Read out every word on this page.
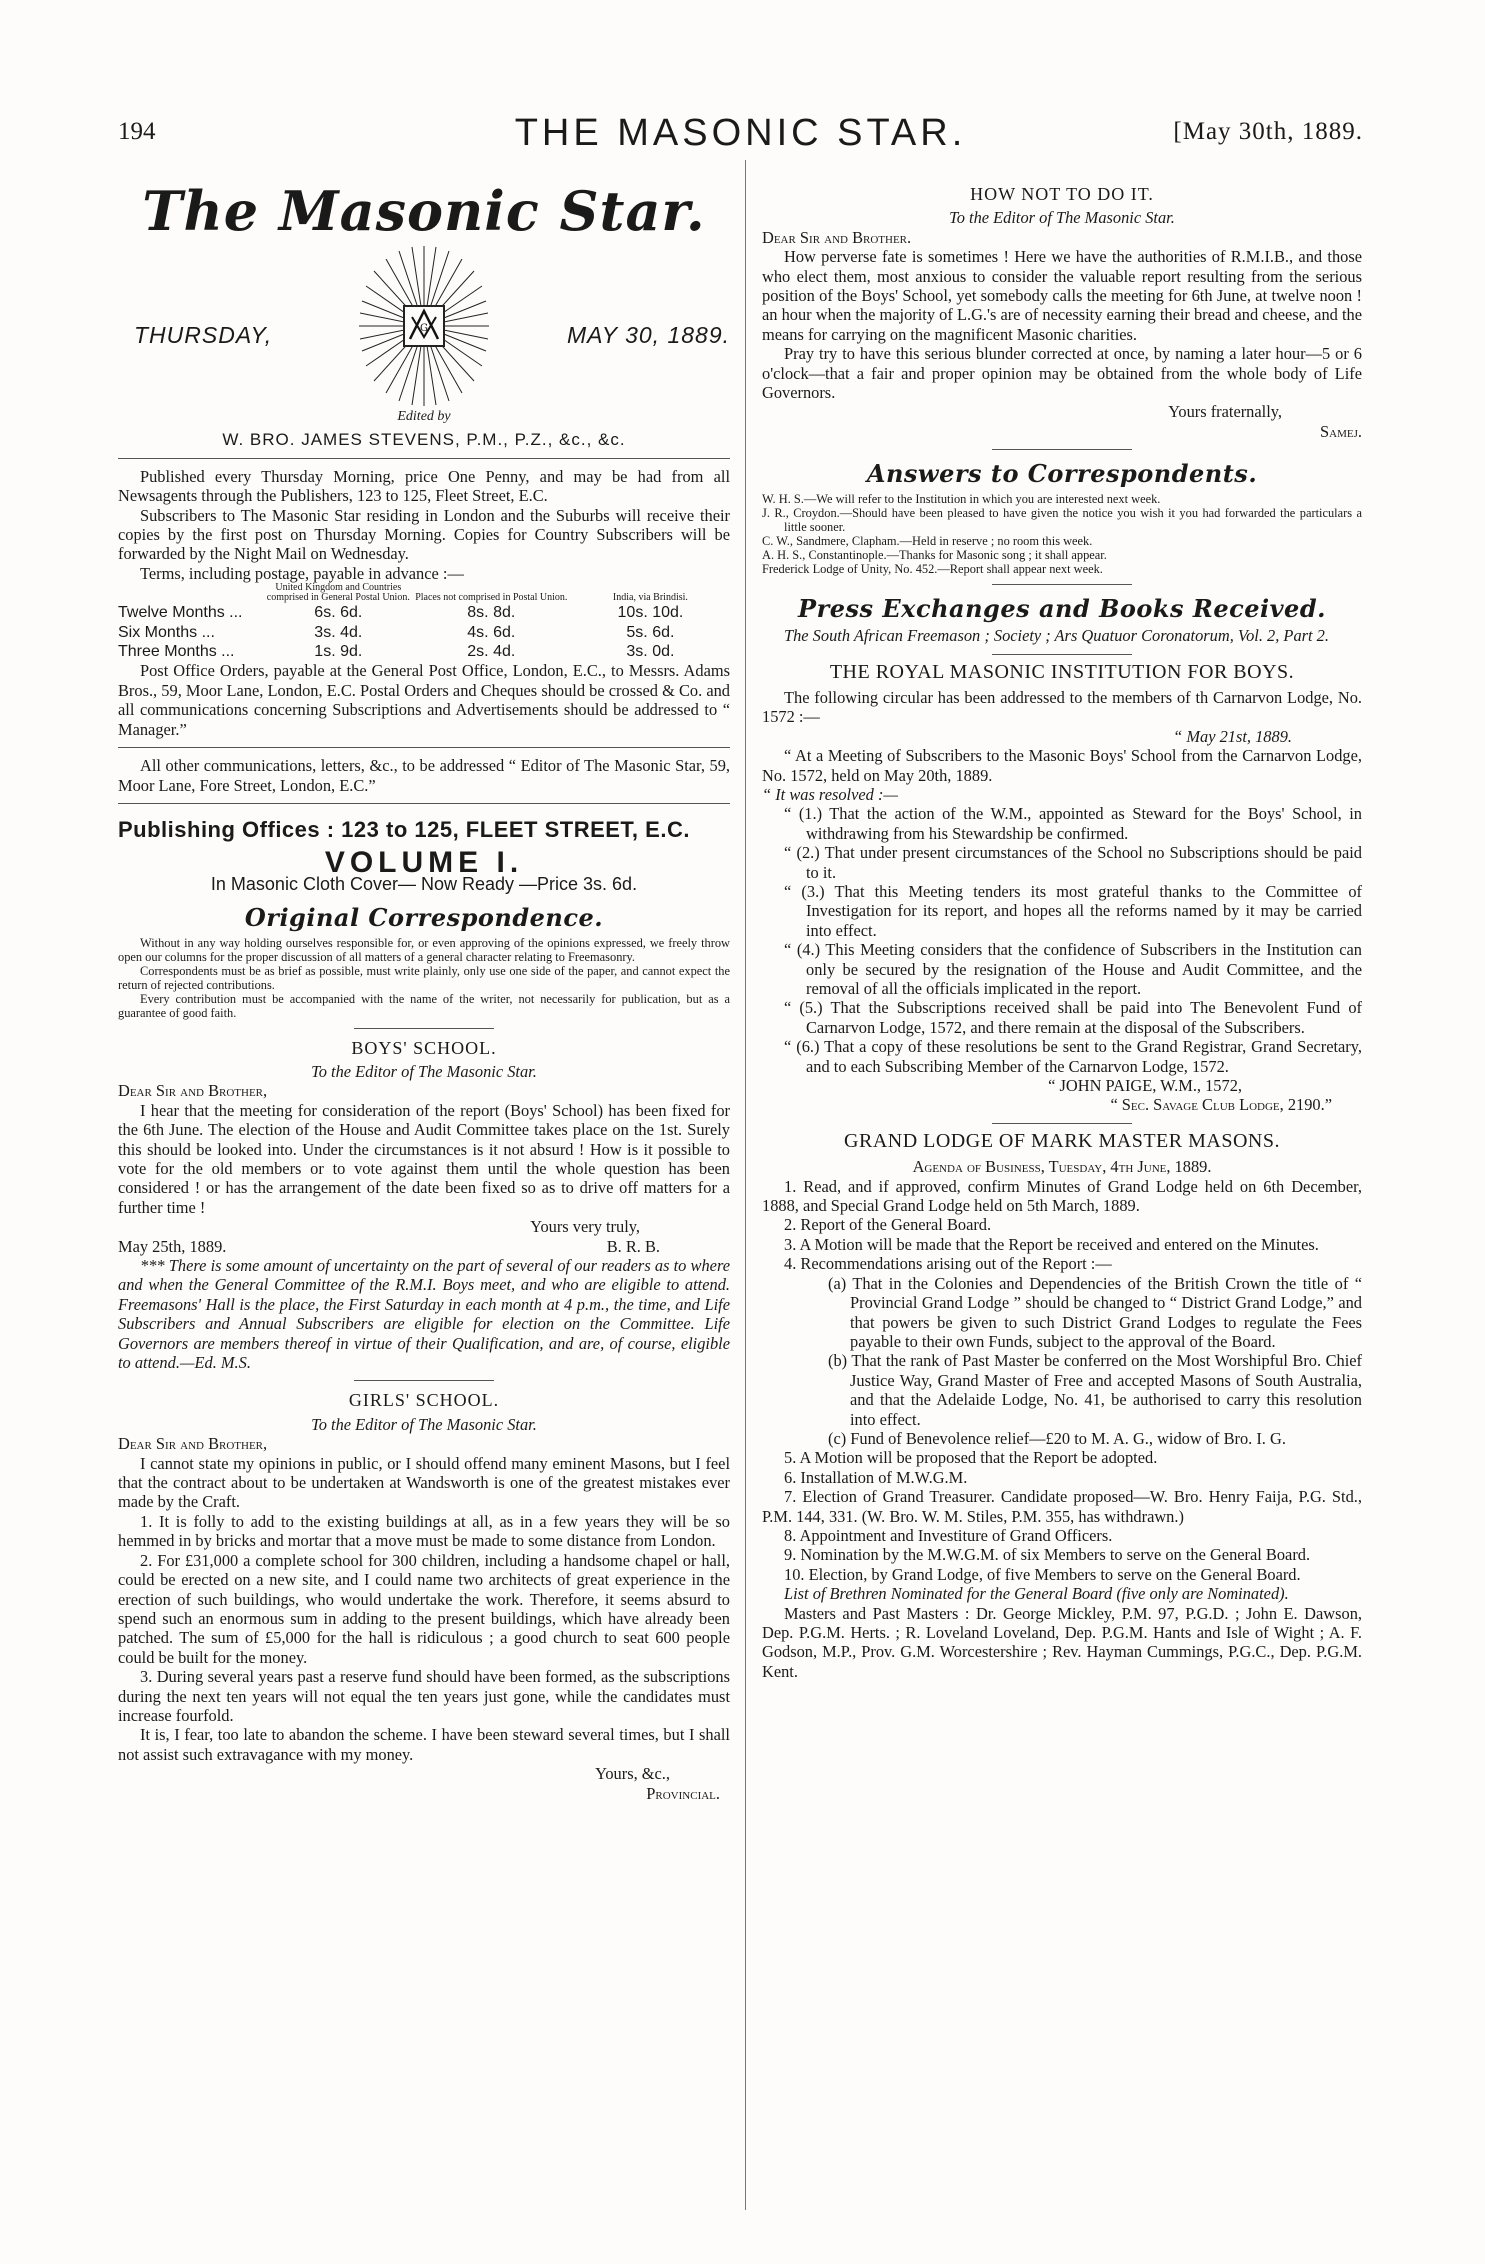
194	THE MASONIC STAR.	[May 30th, 1889.
The Masonic Star.
THURSDAY,	G	MAY 30, 1889.
Edited by
W. BRO. JAMES STEVENS, P.M., P.Z., &c., &c.

Published every Thursday Morning, price One Penny, and may be had from all Newsagents through the Publishers, 123 to 125, Fleet Street, E.C.

Subscribers to The Masonic Star residing in London and the Suburbs will receive their copies by the first post on Thursday Morning. Copies for Country Subscribers will be forwarded by the Night Mail on Wednesday.

Terms, including postage, payable in advance :—

	United Kingdom and Countries comprised in General Postal Union.	Places not comprised in Postal Union.	India, via Brindisi.
Twelve Months ...	6s. 6d.	8s. 8d.	10s. 10d.
Six Months ...	3s. 4d.	4s. 6d.	5s. 6d.
Three Months ...	1s. 9d.	2s. 4d.	3s. 0d.

Post Office Orders, payable at the General Post Office, London, E.C., to Messrs. Adams Bros., 59, Moor Lane, London, E.C. Postal Orders and Cheques should be crossed & Co. and all communications concerning Subscriptions and Advertisements should be addressed to “ Manager.”

All other communications, letters, &c., to be addressed “ Editor of The Masonic Star, 59, Moor Lane, Fore Street, London, E.C.”

Publishing Offices : 123 to 125, FLEET STREET, E.C.
VOLUME I.
In Masonic Cloth Cover— Now Ready —Price 3s. 6d.
Original Correspondence.

Without in any way holding ourselves responsible for, or even approving of the opinions expressed, we freely throw open our columns for the proper discussion of all matters of a general character relating to Freemasonry.

Correspondents must be as brief as possible, must write plainly, only use one side of the paper, and cannot expect the return of rejected contributions.

Every contribution must be accompanied with the name of the writer, not necessarily for publication, but as a guarantee of good faith.

BOYS' SCHOOL.

To the Editor of The Masonic Star.

Dear Sir and Brother,

I hear that the meeting for consideration of the report (Boys' School) has been fixed for the 6th June. The election of the House and Audit Committee takes place on the 1st. Surely this should be looked into. Under the circumstances is it not absurd ! How is it possible to vote for the old members or to vote against them until the whole question has been considered ! or has the arrangement of the date been fixed so as to drive off matters for a further time !

Yours very truly,

May 25th, 1889.	B. R. B.

*** There is some amount of uncertainty on the part of several of our readers as to where and when the General Committee of the R.M.I. Boys meet, and who are eligible to attend. Freemasons' Hall is the place, the First Saturday in each month at 4 p.m., the time, and Life Subscribers and Annual Subscribers are eligible for election on the Committee. Life Governors are members thereof in virtue of their Qualification, and are, of course, eligible to attend.—Ed. M.S.

GIRLS' SCHOOL.

To the Editor of The Masonic Star.

Dear Sir and Brother,

I cannot state my opinions in public, or I should offend many eminent Masons, but I feel that the contract about to be undertaken at Wandsworth is one of the greatest mistakes ever made by the Craft.

1. It is folly to add to the existing buildings at all, as in a few years they will be so hemmed in by bricks and mortar that a move must be made to some distance from London.

2. For £31,000 a complete school for 300 children, including a handsome chapel or hall, could be erected on a new site, and I could name two architects of great experience in the erection of such buildings, who would undertake the work. Therefore, it seems absurd to spend such an enormous sum in adding to the present buildings, which have already been patched. The sum of £5,000 for the hall is ridiculous ; a good church to seat 600 people could be built for the money.

3. During several years past a reserve fund should have been formed, as the subscriptions during the next ten years will not equal the ten years just gone, while the candidates must increase fourfold.

It is, I fear, too late to abandon the scheme. I have been steward several times, but I shall not assist such extravagance with my money.

Yours, &c.,

Provincial.

HOW NOT TO DO IT.

To the Editor of The Masonic Star.

Dear Sir and Brother.

How perverse fate is sometimes ! Here we have the authorities of R.M.I.B., and those who elect them, most anxious to consider the valuable report resulting from the serious position of the Boys' School, yet somebody calls the meeting for 6th June, at twelve noon ! an hour when the majority of L.G.'s are of necessity earning their bread and cheese, and the means for carrying on the magnificent Masonic charities.

Pray try to have this serious blunder corrected at once, by naming a later hour—5 or 6 o'clock—that a fair and proper opinion may be obtained from the whole body of Life Governors.

Yours fraternally,

Samej.

Answers to Correspondents.

W. H. S.—We will refer to the Institution in which you are interested next week.

J. R., Croydon.—Should have been pleased to have given the notice you wish it you had forwarded the particulars a little sooner.

C. W., Sandmere, Clapham.—Held in reserve ; no room this week.

A. H. S., Constantinople.—Thanks for Masonic song ; it shall appear.

Frederick Lodge of Unity, No. 452.—Report shall appear next week.

Press Exchanges and Books Received.

The South African Freemason ; Society ; Ars Quatuor Coronatorum, Vol. 2, Part 2.

THE ROYAL MASONIC INSTITUTION FOR BOYS.

The following circular has been addressed to the members of th Carnarvon Lodge, No. 1572 :—

“ May 21st, 1889.

“ At a Meeting of Subscribers to the Masonic Boys' School from the Carnarvon Lodge, No. 1572, held on May 20th, 1889.

“ It was resolved :—

“ (1.) That the action of the W.M., appointed as Steward for the Boys' School, in withdrawing from his Stewardship be confirmed.

“ (2.) That under present circumstances of the School no Subscriptions should be paid to it.

“ (3.) That this Meeting tenders its most grateful thanks to the Committee of Investigation for its report, and hopes all the reforms named by it may be carried into effect.

“ (4.) This Meeting considers that the confidence of Subscribers in the Institution can only be secured by the resignation of the House and Audit Committee, and the removal of all the officials implicated in the report.

“ (5.) That the Subscriptions received shall be paid into The Benevolent Fund of Carnarvon Lodge, 1572, and there remain at the disposal of the Subscribers.

“ (6.) That a copy of these resolutions be sent to the Grand Registrar, Grand Secretary, and to each Subscribing Member of the Carnarvon Lodge, 1572.

“ JOHN PAIGE, W.M., 1572,

“ Sec. Savage Club Lodge, 2190.”

GRAND LODGE OF MARK MASTER MASONS.

Agenda of Business, Tuesday, 4th June, 1889.

1. Read, and if approved, confirm Minutes of Grand Lodge held on 6th December, 1888, and Special Grand Lodge held on 5th March, 1889.

2. Report of the General Board.

3. A Motion will be made that the Report be received and entered on the Minutes.

4. Recommendations arising out of the Report :—

(a) That in the Colonies and Dependencies of the British Crown the title of “ Provincial Grand Lodge ” should be changed to “ District Grand Lodge,” and that powers be given to such District Grand Lodges to regulate the Fees payable to their own Funds, subject to the approval of the Board.

(b) That the rank of Past Master be conferred on the Most Worshipful Bro. Chief Justice Way, Grand Master of Free and accepted Masons of South Australia, and that the Adelaide Lodge, No. 41, be authorised to carry this resolution into effect.

(c) Fund of Benevolence relief—£20 to M. A. G., widow of Bro. I. G.

5. A Motion will be proposed that the Report be adopted.

6. Installation of M.W.G.M.

7. Election of Grand Treasurer. Candidate proposed—W. Bro. Henry Faija, P.G. Std., P.M. 144, 331. (W. Bro. W. M. Stiles, P.M. 355, has withdrawn.)

8. Appointment and Investiture of Grand Officers.

9. Nomination by the M.W.G.M. of six Members to serve on the General Board.

10. Election, by Grand Lodge, of five Members to serve on the General Board.

List of Brethren Nominated for the General Board (five only are Nominated).

Masters and Past Masters : Dr. George Mickley, P.M. 97, P.G.D. ; John E. Dawson, Dep. P.G.M. Herts. ; R. Loveland Loveland, Dep. P.G.M. Hants and Isle of Wight ; A. F. Godson, M.P., Prov. G.M. Worcestershire ; Rev. Hayman Cummings, P.G.C., Dep. P.G.M. Kent.
